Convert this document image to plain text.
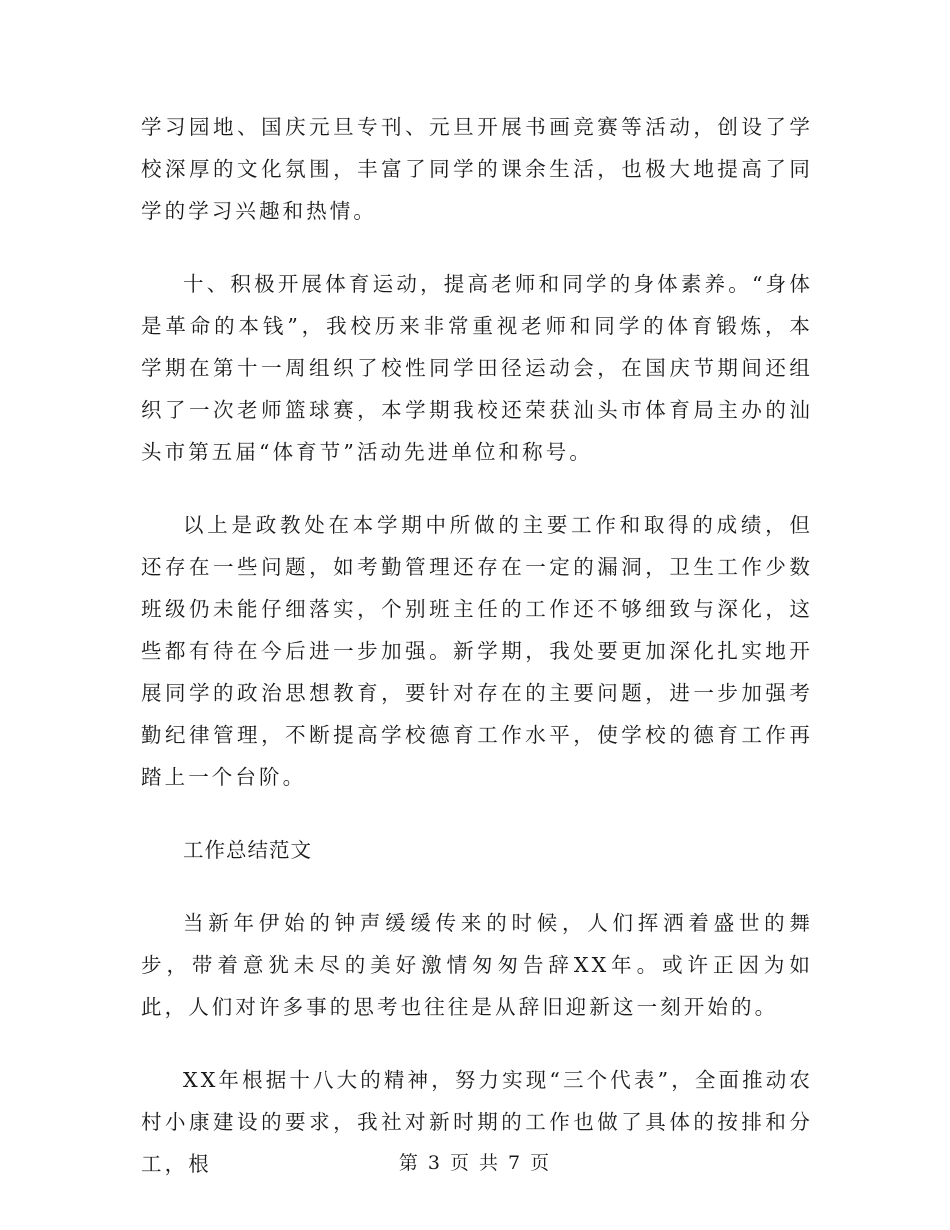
学习园地、国庆元旦专刊、元旦开展书画竞赛等活动，创设了学校深厚的文化氛围，丰富了同学的课余生活，也极大地提高了同学的学习兴趣和热情。

十、积极开展体育运动，提高老师和同学的身体素养。“身体是革命的本钱”，我校历来非常重视老师和同学的体育锻炼，本学期在第十一周组织了校性同学田径运动会，在国庆节期间还组织了一次老师篮球赛，本学期我校还荣获汕头市体育局主办的汕头市第五届“体育节”活动先进单位和称号。

以上是政教处在本学期中所做的主要工作和取得的成绩，但还存在一些问题，如考勤管理还存在一定的漏洞，卫生工作少数班级仍未能仔细落实，个别班主任的工作还不够细致与深化，这些都有待在今后进一步加强。新学期，我处要更加深化扎实地开展同学的政治思想教育，要针对存在的主要问题，进一步加强考勤纪律管理，不断提高学校德育工作水平，使学校的德育工作再踏上一个台阶。

工作总结范文

当新年伊始的钟声缓缓传来的时候，人们挥洒着盛世的舞步，带着意犹未尽的美好激情匆匆告辞XX年。或许正因为如此，人们对许多事的思考也往往是从辞旧迎新这一刻开始的。

XX年根据十八大的精神，努力实现“三个代表”，全面推动农村小康建设的要求，我社对新时期的工作也做了具体的按排和分工，根	第 3 页 共 7 页
